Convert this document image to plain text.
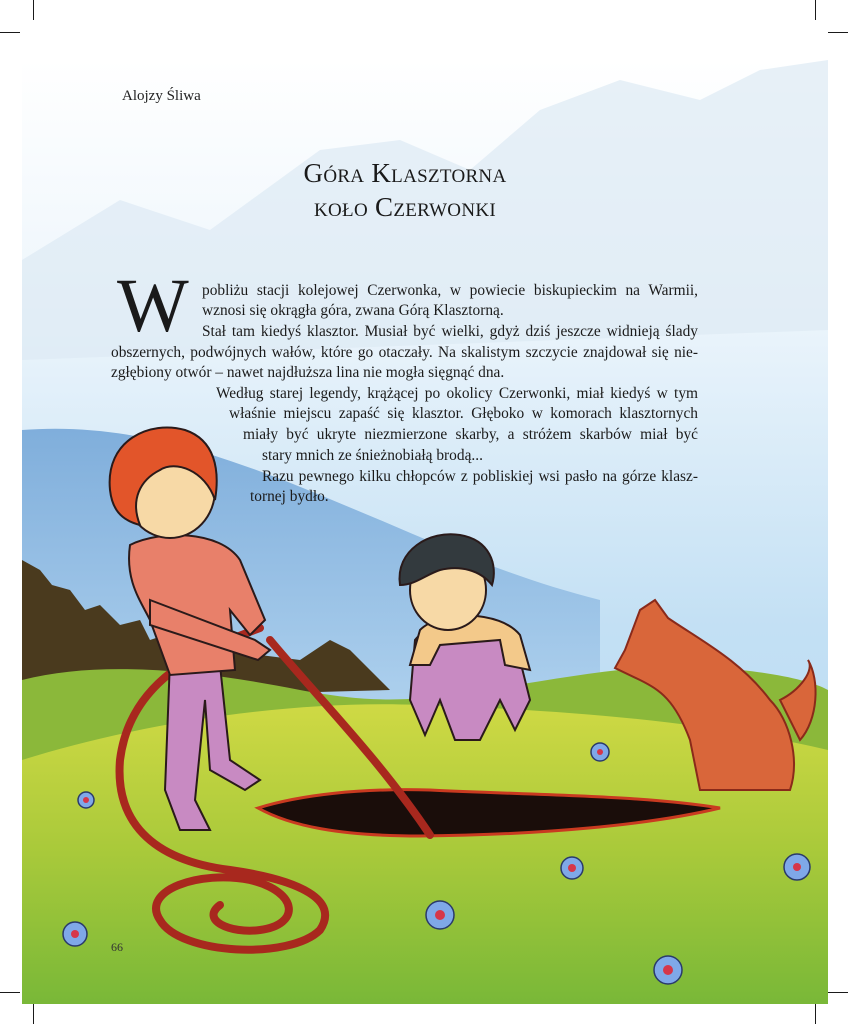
Alojzy Śliwa
Góra Klasztorna
koło Czerwonki
W pobliżu stacji kolejowej Czerwonka, w powiecie biskupieckim na Warmii,
wznosi się okrągła góra, zwana Górą Klasztorną.
Stał tam kiedyś klasztor. Musiał być wielki, gdyż dziś jeszcze widnieją ślady
obszernych, podwójnych wałów, które go otaczały. Na skalistym szczycie znajdował się nie-
zgłębiony otwór – nawet najdłuższa lina nie mogła sięgnąć dna.
Według starej legendy, krążącej po okolicy Czerwonki, miał kiedyś w tym
właśnie miejscu zapaść się klasztor. Głęboko w komorach klasztornych
miały być ukryte niezmierzone skarby, a stróżem skarbów miał być
stary mnich ze śnieżnobiałą brodą...
Razu pewnego kilku chłopców z pobliskiej wsi pasło na górze klasz-
tornej bydło.
66
